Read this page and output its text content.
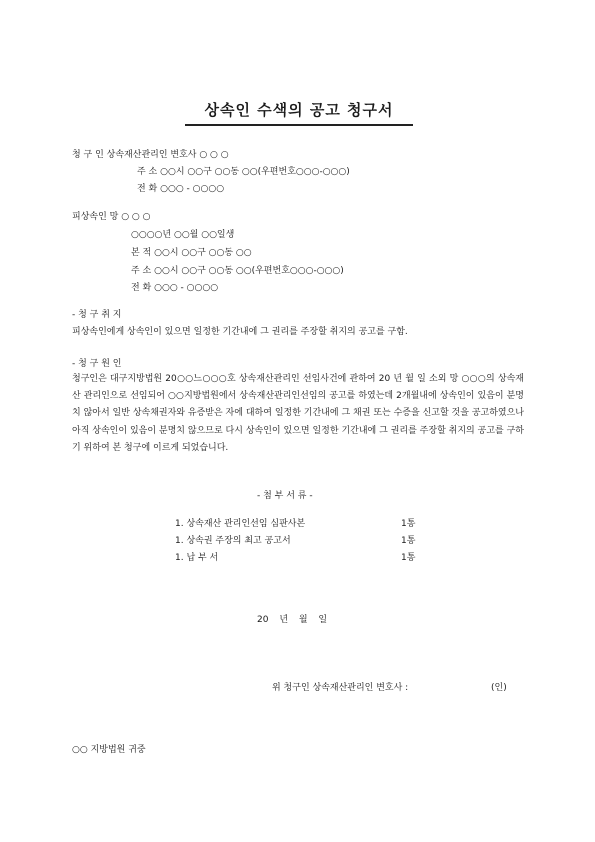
상속인 수색의 공고 청구서
청 구 인 상속재산관리인 변호사 ○ ○ ○
주 소 ○○시 ○○구 ○○동 ○○(우편번호○○○-○○○)
전 화 ○○○ - ○○○○
피상속인 망 ○ ○ ○
○○○○년 ○○월 ○○일생
본 적 ○○시 ○○구 ○○동 ○○
주 소 ○○시 ○○구 ○○동 ○○(우편번호○○○-○○○)
전 화 ○○○ - ○○○○
- 청 구 취 지
피상속인에게 상속인이 있으면 일정한 기간내에 그 권리를 주장할 취지의 공고를 구함.
- 청 구 원 인
청구인은 대구지방법원 20○○느○○○호 상속재산관리인 선임사건에 관하여 20 년 월 일 소외 망 ○○○의 상속재산 관리인으로 선임되어 ○○지방법원에서 상속재산관리인선임의 공고를 하였는데 2개월내에 상속인이 있음이 분명치 않아서 일반 상속채권자와 유증받은 자에 대하여 일정한 기간내에 그 채권 또는 수증을 신고할 것을 공고하였으나 아직 상속인이 있음이 분명치 않으므로 다시 상속인이 있으면 일정한 기간내에 그 권리를 주장할 취지의 공고를 구하기 위하여 본 청구에 이르게 되었습니다.
- 첨 부 서 류 -
1. 상속재산 관리인선임 심판사본	1통
1. 상속권 주장의 최고 공고서	1통
1. 납 부 서	1통
20 년 월 일
위 청구인 상속재산관리인 변호사 :	(인)
○○ 지방법원 귀중
